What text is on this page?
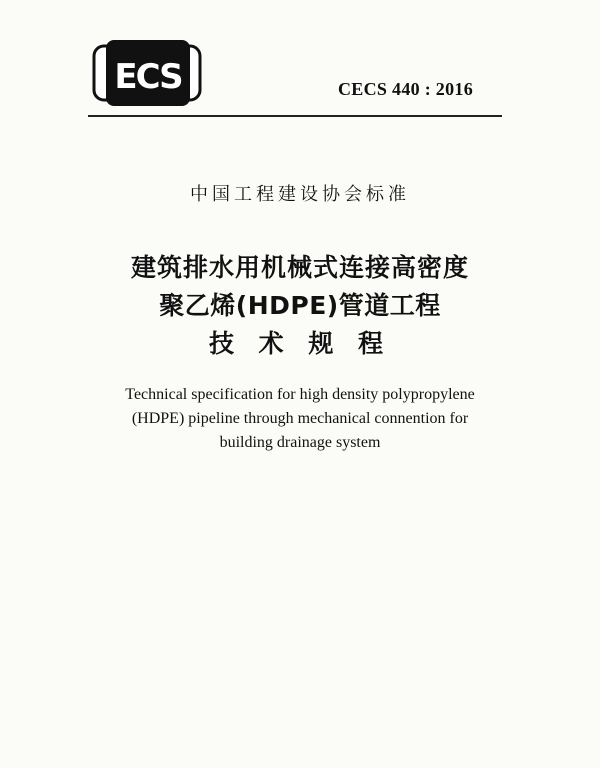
ECS	CECS 440 : 2016
中国工程建设协会标准
建筑排水用机械式连接高密度
聚乙烯(HDPE)管道工程
技 术 规 程
Technical specification for high density polypropylene
(HDPE) pipeline through mechanical connention for
building drainage system
